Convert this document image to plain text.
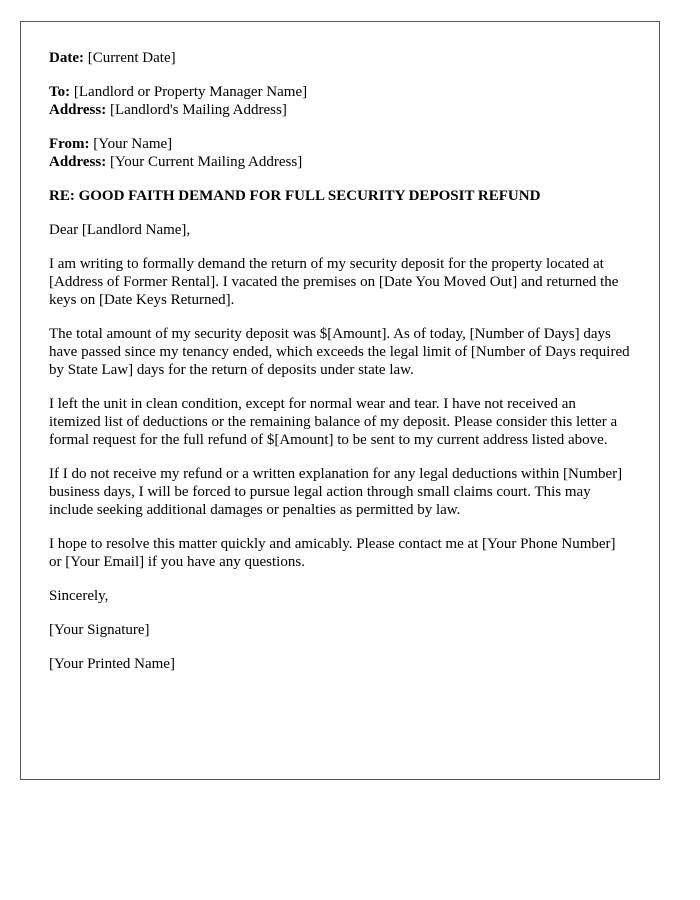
Date: [Current Date]
To: [Landlord or Property Manager Name]
Address: [Landlord's Mailing Address]
From: [Your Name]
Address: [Your Current Mailing Address]
RE: GOOD FAITH DEMAND FOR FULL SECURITY DEPOSIT REFUND

Dear [Landlord Name],

I am writing to formally demand the return of my security deposit for the property located at [Address of Former Rental]. I vacated the premises on [Date You Moved Out] and returned the keys on [Date Keys Returned].

The total amount of my security deposit was $[Amount]. As of today, [Number of Days] days have passed since my tenancy ended, which exceeds the legal limit of [Number of Days required by State Law] days for the return of deposits under state law.

I left the unit in clean condition, except for normal wear and tear. I have not received an itemized list of deductions or the remaining balance of my deposit. Please consider this letter a formal request for the full refund of $[Amount] to be sent to my current address listed above.

If I do not receive my refund or a written explanation for any legal deductions within [Number] business days, I will be forced to pursue legal action through small claims court. This may include seeking additional damages or penalties as permitted by law.

I hope to resolve this matter quickly and amicably. Please contact me at [Your Phone Number] or [Your Email] if you have any questions.

Sincerely,

[Your Signature]

[Your Printed Name]
